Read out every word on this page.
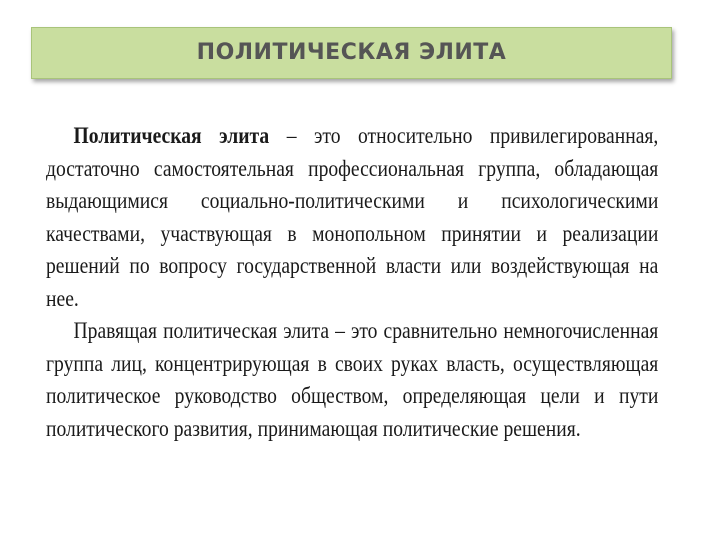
ПОЛИТИЧЕСКАЯ ЭЛИТА

Политическая элита – это относительно привилегированная, достаточно самостоятельная профессиональная группа, обладающая выдающимися социально-политическими и психологическими качествами, участвующая в монопольном принятии и реализации решений по вопросу государственной власти или воздействующая на нее.

Правящая политическая элита – это сравнительно немногочисленная группа лиц, концентрирующая в своих руках власть, осуществляющая политическое руководство обществом, определяющая цели и пути политического развития, принимающая политические решения.
